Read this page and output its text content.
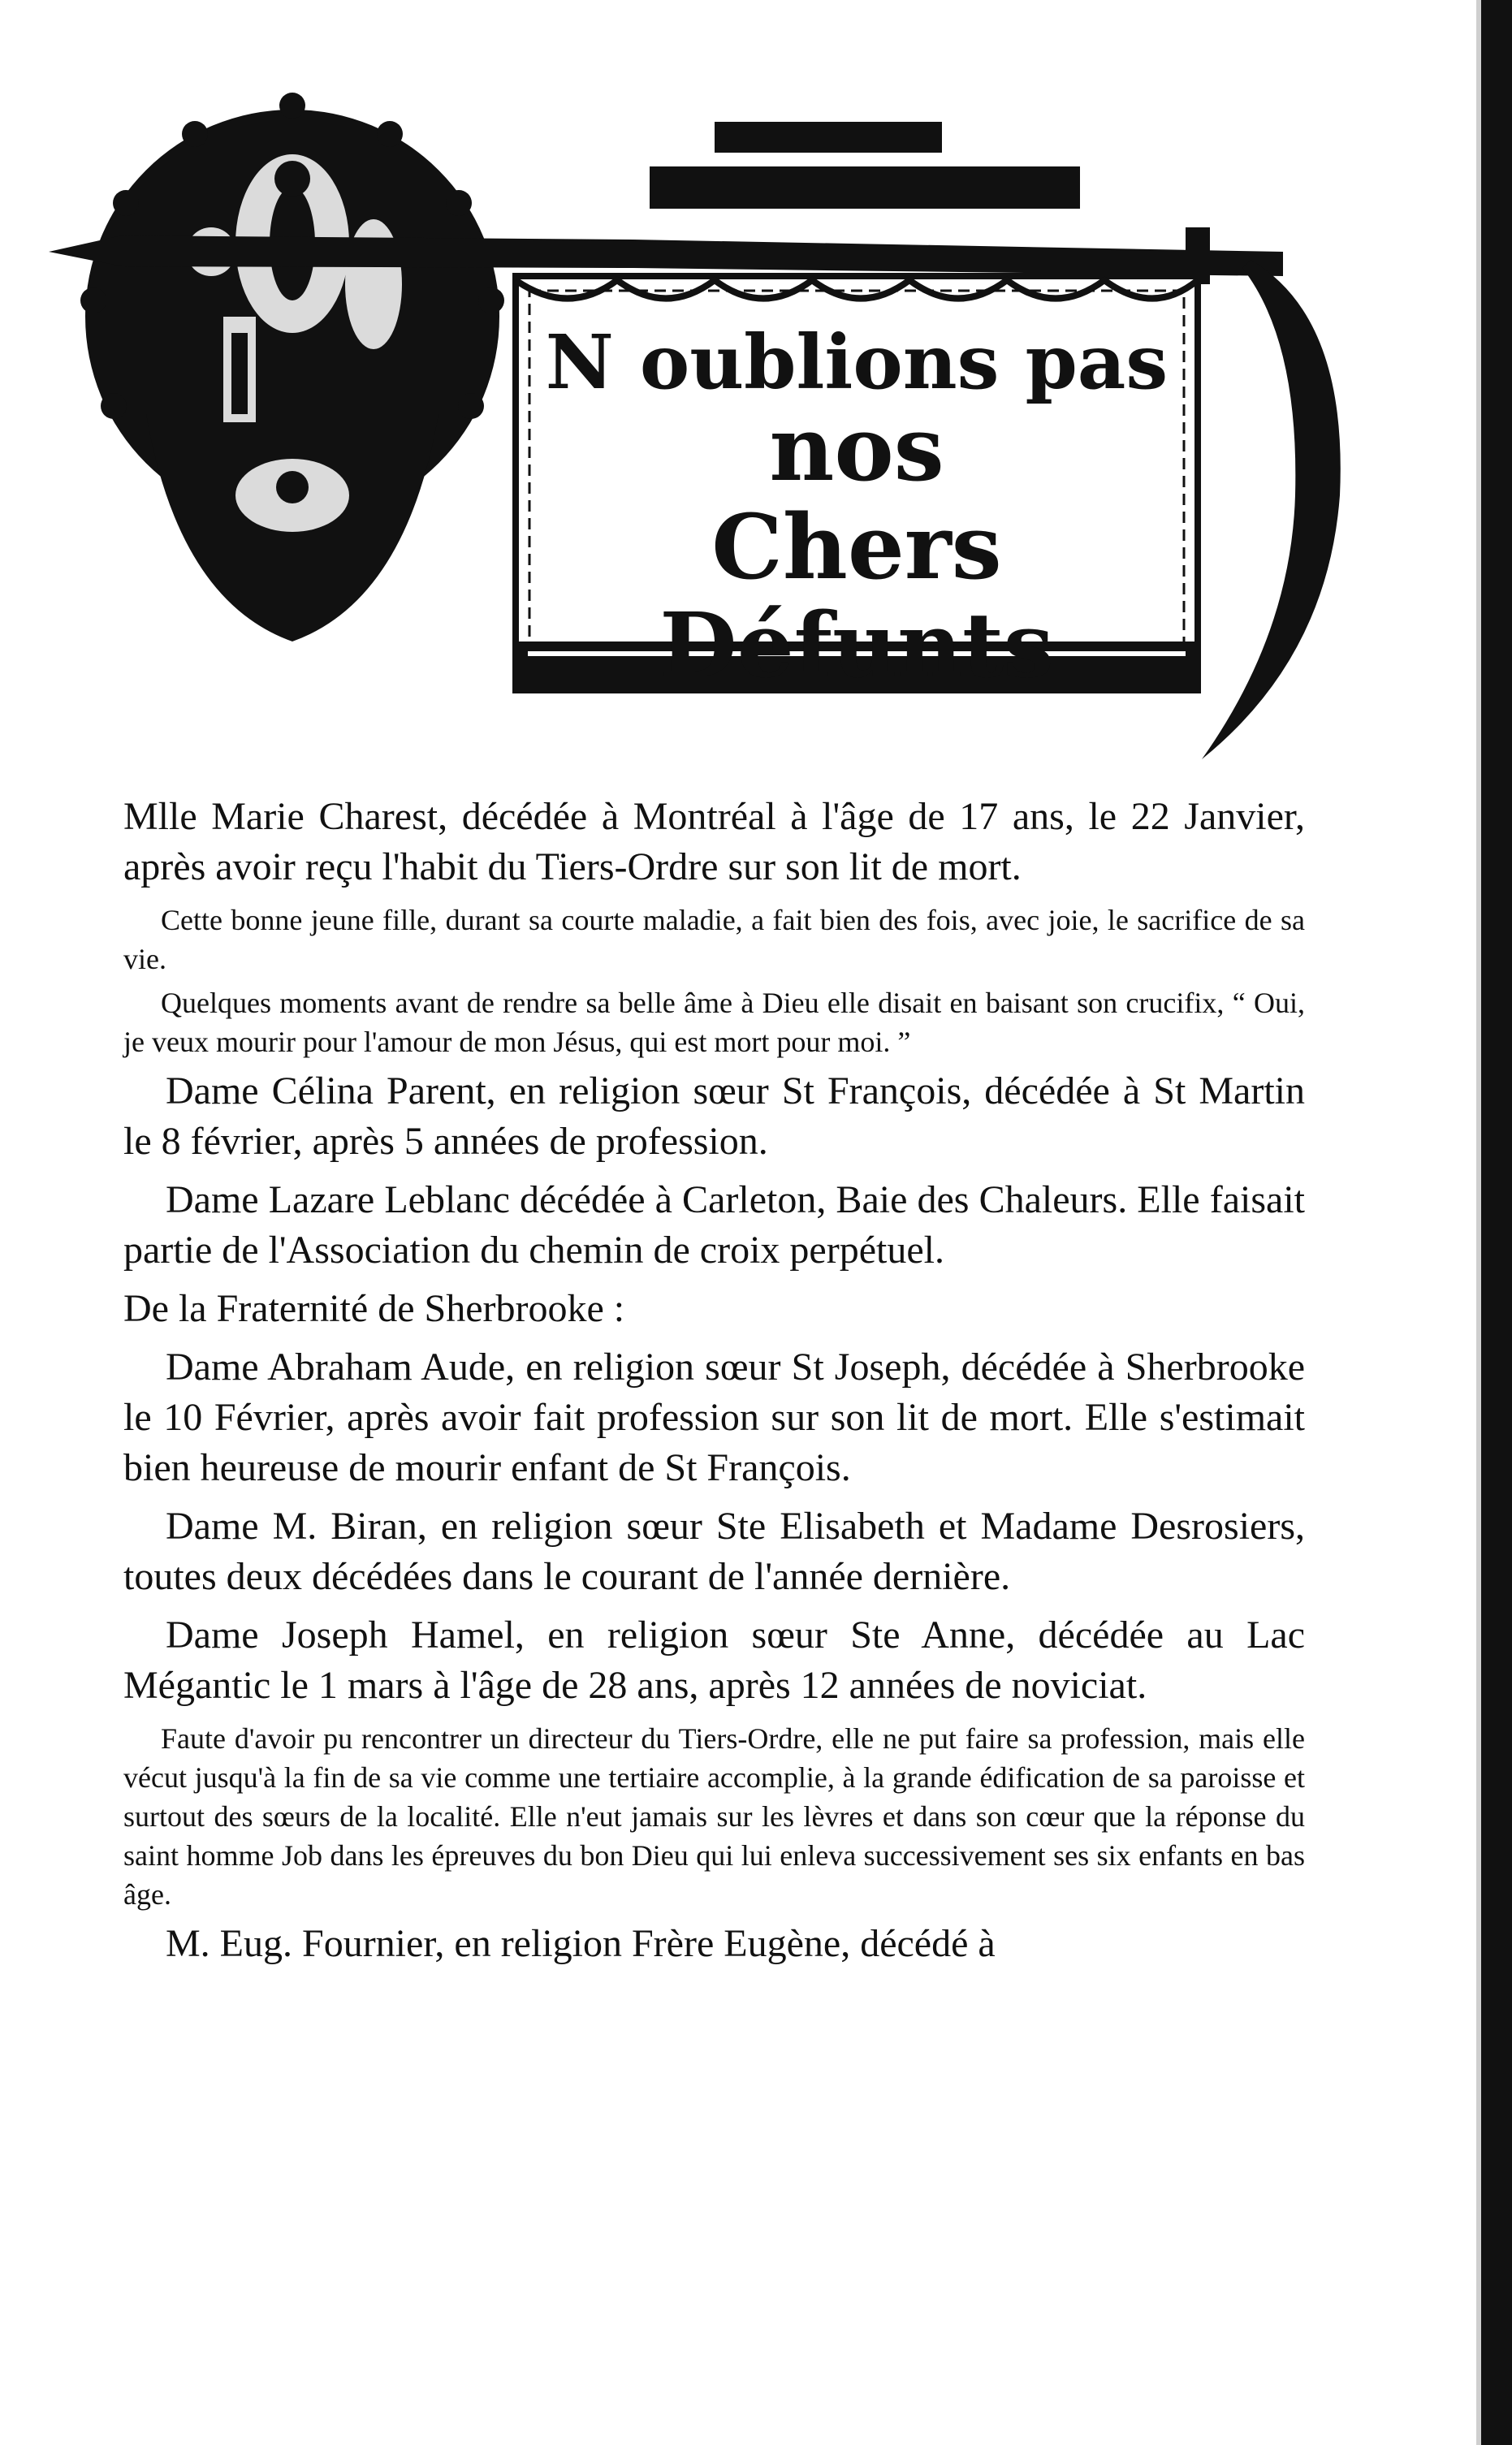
N oublions pas
nos
Chers Défunts

Mlle Marie Charest, décédée à Montréal à l'âge de 17 ans, le 22 Janvier, après avoir reçu l'habit du Tiers-Ordre sur son lit de mort.

Cette bonne jeune fille, durant sa courte maladie, a fait bien des fois, avec joie, le sacrifice de sa vie.

Quelques moments avant de rendre sa belle âme à Dieu elle disait en baisant son crucifix, “ Oui, je veux mourir pour l'amour de mon Jésus, qui est mort pour moi. ”

Dame Célina Parent, en religion sœur St François, décédée à St Martin le 8 février, après 5 années de profession.

Dame Lazare Leblanc décédée à Carleton, Baie des Chaleurs. Elle faisait partie de l'Association du chemin de croix perpétuel.

De la Fraternité de Sherbrooke :

Dame Abraham Aude, en religion sœur St Joseph, décédée à Sherbrooke le 10 Février, après avoir fait profession sur son lit de mort. Elle s'estimait bien heureuse de mourir enfant de St François.

Dame M. Biran, en religion sœur Ste Elisabeth et Madame Desrosiers, toutes deux décédées dans le courant de l'année dernière.

Dame Joseph Hamel, en religion sœur Ste Anne, décédée au Lac Mégantic le 1 mars à l'âge de 28 ans, après 12 années de noviciat.

Faute d'avoir pu rencontrer un directeur du Tiers-Ordre, elle ne put faire sa profession, mais elle vécut jusqu'à la fin de sa vie comme une tertiaire accomplie, à la grande édification de sa paroisse et surtout des sœurs de la localité. Elle n'eut jamais sur les lèvres et dans son cœur que la réponse du saint homme Job dans les épreuves du bon Dieu qui lui enleva successivement ses six enfants en bas âge.

M. Eug. Fournier, en religion Frère Eugène, décédé à
